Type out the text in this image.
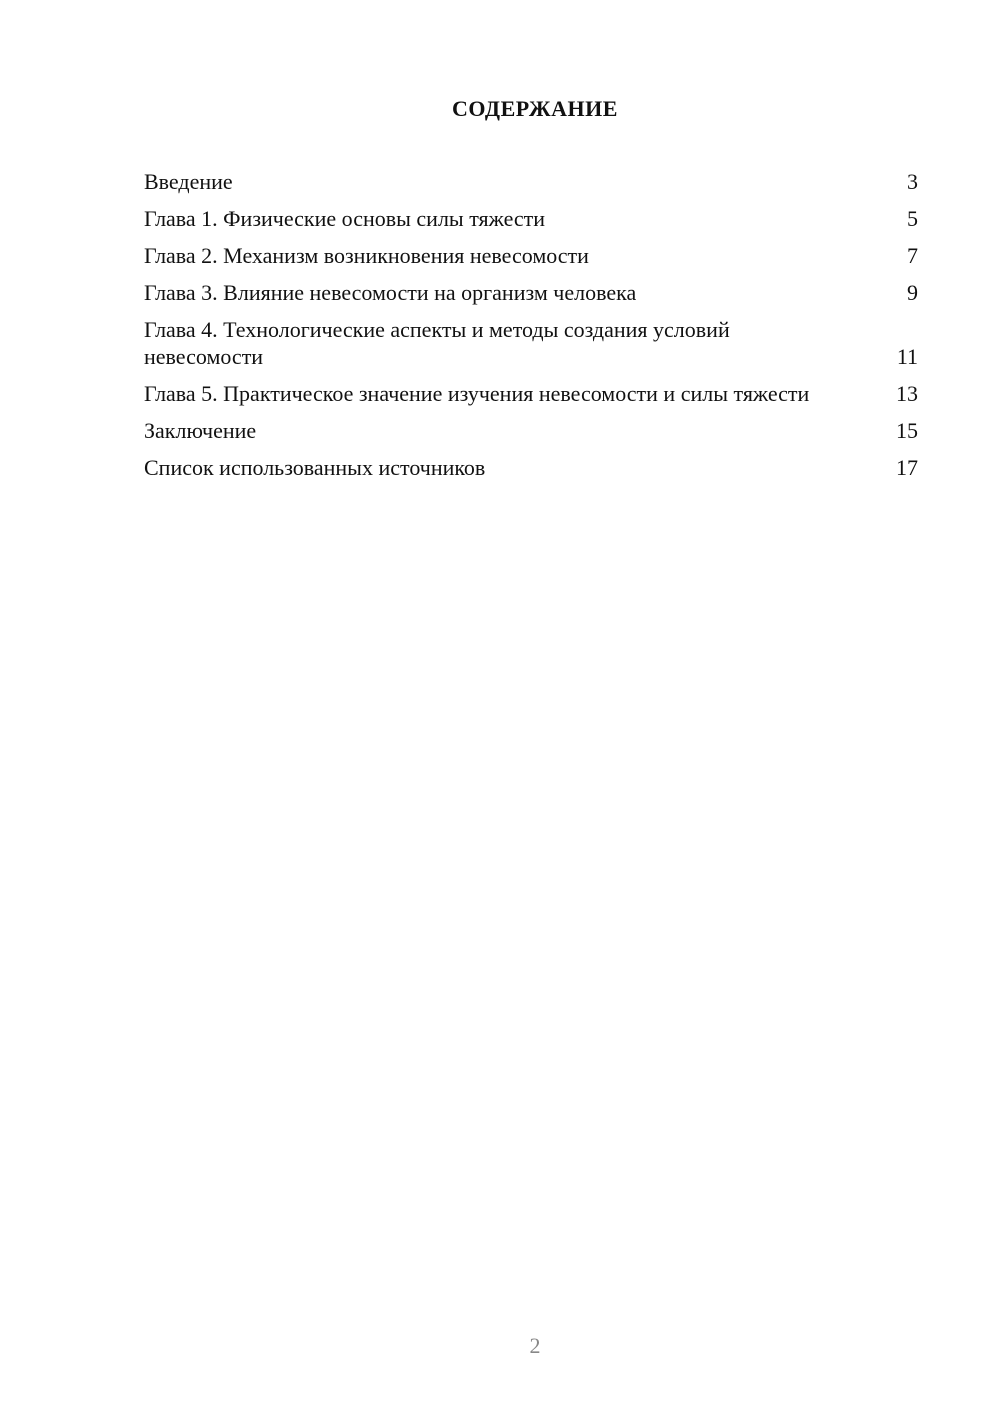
СОДЕРЖАНИЕ
Введение	3
Глава 1. Физические основы силы тяжести	5
Глава 2. Механизм возникновения невесомости	7
Глава 3. Влияние невесомости на организм человека	9
Глава 4. Технологические аспекты и методы создания условий невесомости	11
Глава 5. Практическое значение изучения невесомости и силы тяжести	13
Заключение	15
Список использованных источников	17
2
